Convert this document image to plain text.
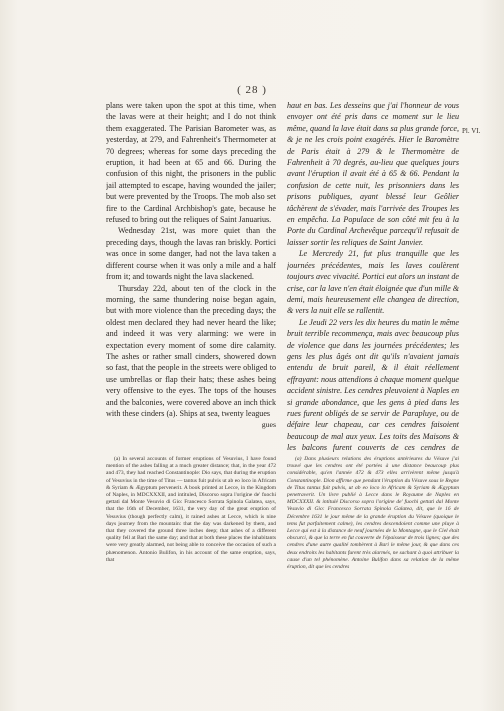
( 28 )

plans were taken upon the spot at this time, when the lavas were at their height; and I do not think them exaggerated. The Parisian Barometer was, as yesterday, at 279, and Fahrenheit's Thermometer at 70 degrees; whereas for some days preceding the eruption, it had been at 65 and 66. During the confusion of this night, the prisoners in the public jail attempted to escape, having wounded the jailer; but were prevented by the Troops. The mob also set fire to the Cardinal Archbishop's gate, because he refused to bring out the reliques of Saint Januarius.

Wednesday 21st, was more quiet than the preceding days, though the lavas ran briskly. Portici was once in some danger, had not the lava taken a different course when it was only a mile and a half from it; and towards night the lava slackened.

Thursday 22d, about ten of the clock in the morning, the same thundering noise began again, but with more violence than the preceding days; the oldest men declared they had never heard the like; and indeed it was very alarming: we were in expectation every moment of some dire calamity. The ashes or rather small cinders, showered down so fast, that the people in the streets were obliged to use umbrellas or flap their hats; these ashes being very offensive to the eyes. The tops of the houses and the balconies, were covered above an inch thick with these cinders (a). Ships at sea, twenty leagues

gues

haut en bas. Les desseins que j'ai l'honneur de vous envoyer ont été pris dans ce moment sur le lieu même, quand la lave était dans sa plus grande force, & je ne les crois point exagérés. Hier le Baromètre de Paris était à 279 & le Thermomètre de Fahrenheit à 70 degrés, au-lieu que quelques jours avant l'éruption il avait été à 65 & 66. Pendant la confusion de cette nuit, les prisonniers dans les prisons publiques, ayant blessé leur Geôlier tâchèrent de s'évader, mais l'arrivée des Troupes les en empêcha. La Populace de son côté mit feu à la Porte du Cardinal Archevêque parcequ'il refusait de laisser sortir les reliques de Saint Janvier.

Le Mercredy 21, fut plus tranquille que les journées précédentes, mais les laves coulèrent toujours avec vivacité. Portici eut alors un instant de crise, car la lave n'en était éloignée que d'un mille & demi, mais heureusement elle changea de direction, & vers la nuit elle se rallentit.

Le Jeudi 22 vers les dix heures du matin le même bruit terrible recommença, mais avec beaucoup plus de violence que dans les journées précédentes; les gens les plus âgés ont dit qu'ils n'avaient jamais entendu de bruit pareil, & il était réellement effrayant: nous attendions à chaque moment quelque accident sinistre. Les cendres pleuvoient à Naples en si grande abondance, que les gens à pied dans les rues furent obligés de se servir de Parapluye, ou de défaire leur chapeau, car ces cendres faisoient beaucoup de mal aux yeux. Les toits des Maisons & les balcons furent couverts de ces cendres de

Pl. VI.

(a) In several accounts of former eruptions of Vesuvius, I have found mention of the ashes falling at a much greater distance; that, in the year 472 and 473, they had reached Constantinople: Dio says, that during the eruption of Vesuvius in the time of Titus — tantus fuit pulvis ut ab eo loco in Africam & Syriam & Ægyptum pervenerit. A book printed at Lecce, in the Kingdom of Naples, in MDCXXXII, and intituled, Discorso sopra l'origine de' fuochi gettati dal Monte Vesuvio di Gio: Francesco Sorrata Spinola Galatea, says, that the 16th of December, 1631, the very day of the great eruption of Vesuvius (though perfectly calm), it rained ashes at Lecce, which is nine days journey from the mountain: that the day was darkened by them, and that they covered the ground three inches deep; that ashes of a different quality fell at Bari the same day; and that at both these places the inhabitants were very greatly alarmed, not being able to conceive the occasion of such a phænomenon. Antonio Bulifon, in his account of the same eruption, says, that

(a) Dans plusieurs relations des éruptions antérieures du Vésuve j'ai trouvé que les cendres ont été portées à une distance beaucoup plus considérable, qu'en l'année 472 & 473 elles arrivèrent même jusqu'à Constantinople. Dion affirme que pendant l'éruption du Vésuve sous le Regne de Titus tantus fuit pulvis, ut ab eo loco in Africam & Syriam & Ægyptum penetraverit. Un livre publié à Lecce dans le Royaume de Naples en MDCXXXII. & intitulé Discorso sopra l'origine de' fuochi gettati dal Monte Vesuvio di Gio: Francesco Sorrata Spinola Galatea, dit, que le 16 de Décembre 1631 le jour même de la grande éruption du Vésuve (quoique le tems fut parfaitement calme), les cendres descendoient comme une pluye à Lecce qui est à la distance de neuf journées de la Montagne, que le Ciel était obscurci, & que la terre en fut couverte de l'épaisseur de trois lignes; que des cendres d'une autre qualité tombèrent à Bari le même jour, & que dans ces deux endroits les habitants furent très alarmés, ne sachant à quoi attribuer la cause d'un tel phénomène. Antoine Bulifon dans sa relation de la même éruption, dit que les cendres
